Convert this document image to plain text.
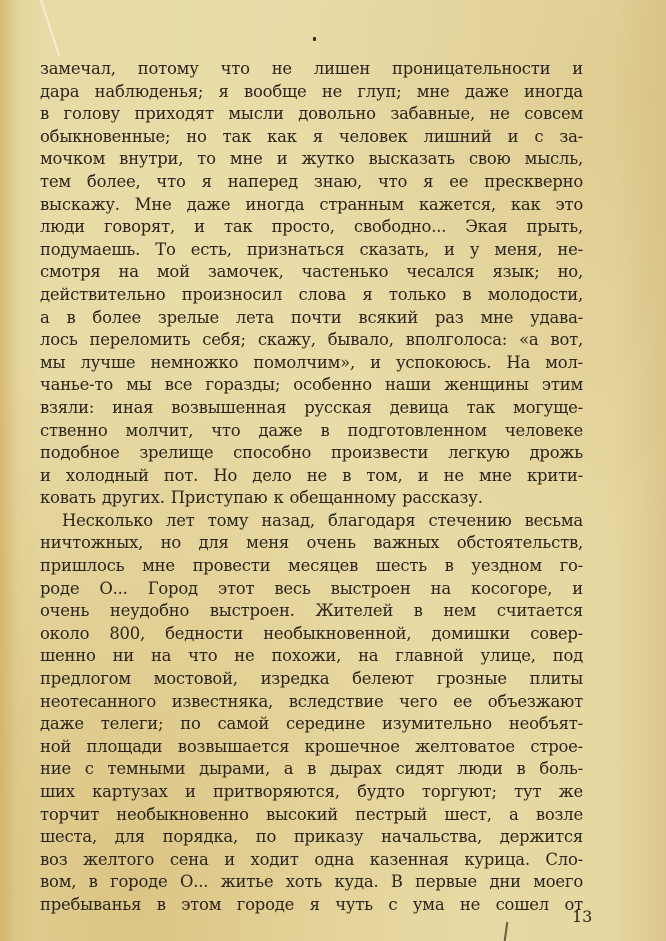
замечал, потому что не лишен проницательности и
дара наблюденья; я вообще не глуп; мне даже иногда
в голову приходят мысли довольно забавные, не совсем
обыкновенные; но так как я человек лишний и с за-
мочком внутри, то мне и жутко высказать свою мысль,
тем более, что я наперед знаю, что я ее прескверно
выскажу. Мне даже иногда странным кажется, как это
люди говорят, и так просто, свободно... Экая прыть,
подумаешь. То есть, признаться сказать, и у меня, не-
смотря на мой замочек, частенько чесался язык; но,
действительно произносил слова я только в молодости,
а в более зрелые лета почти всякий раз мне удава-
лось переломить себя; скажу, бывало, вполголоса: «а вот,
мы лучше немножко помолчим», и успокоюсь. На мол-
чанье-то мы все горазды; особенно наши женщины этим
взяли: иная возвышенная русская девица так могуще-
ственно молчит, что даже в подготовленном человеке
подобное зрелище способно произвести легкую дрожь
и холодный пот. Но дело не в том, и не мне крити-
ковать других. Приступаю к обещанному рассказу.
Несколько лет тому назад, благодаря стечению весьма
ничтожных, но для меня очень важных обстоятельств,
пришлось мне провести месяцев шесть в уездном го-
роде О... Город этот весь выстроен на косогоре, и
очень неудобно выстроен. Жителей в нем считается
около 800, бедности необыкновенной, домишки совер-
шенно ни на что не похожи, на главной улице, под
предлогом мостовой, изредка белеют грозные плиты
неотесанного известняка, вследствие чего ее объезжают
даже телеги; по самой середине изумительно необъят-
ной площади возвышается крошечное желтоватое строе-
ние с темными дырами, а в дырах сидят люди в боль-
ших картузах и притворяются, будто торгуют; тут же
торчит необыкновенно высокий пестрый шест, а возле
шеста, для порядка, по приказу начальства, держится
воз желтого сена и ходит одна казенная курица. Сло-
вом, в городе О... житье хоть куда. В первые дни моего
пребыванья в этом городе я чуть с ума не сошел от
13
